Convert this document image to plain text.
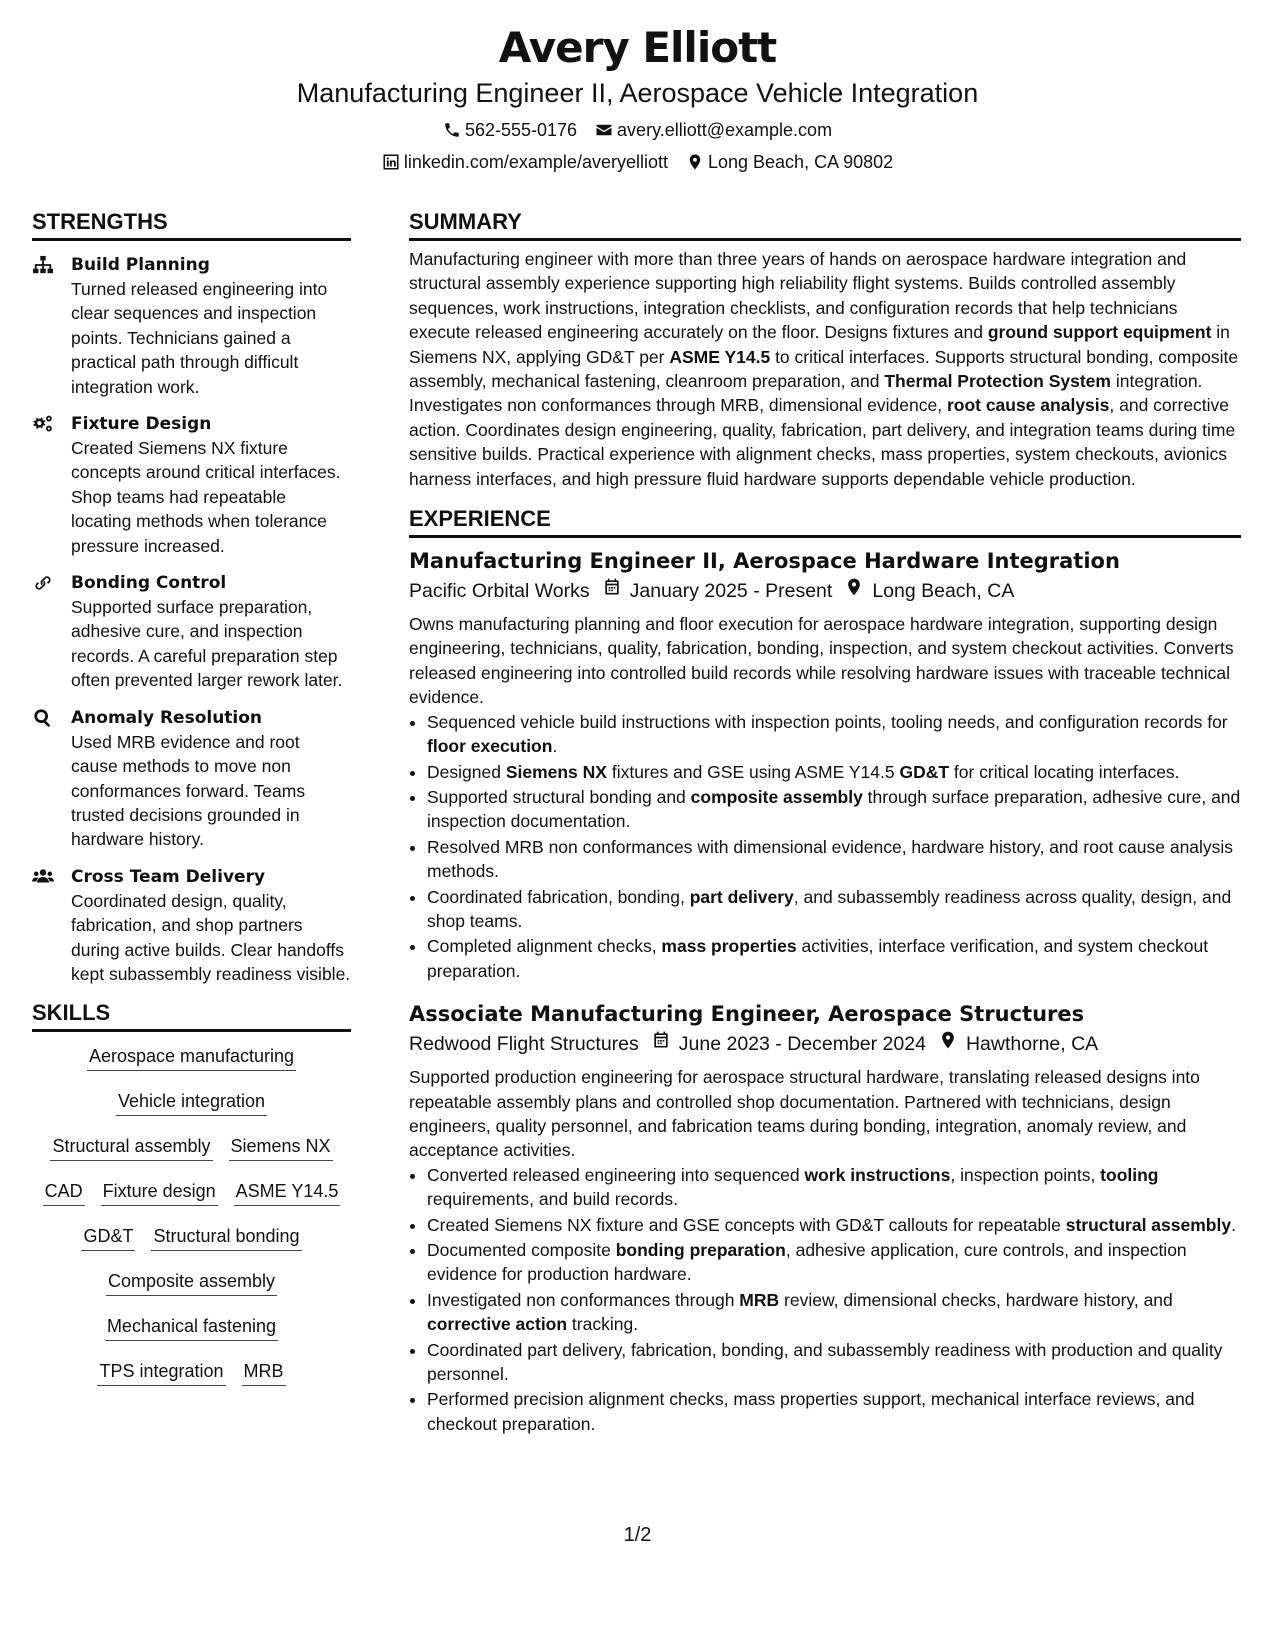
Avery Elliott
Manufacturing Engineer II, Aerospace Vehicle Integration
562-555-0176 avery.elliott@example.com
linkedin.com/example/averyelliott Long Beach, CA 90802
STRENGTHS
Build Planning
Turned released engineering into clear sequences and inspection points. Technicians gained a practical path through difficult integration work.
Fixture Design
Created Siemens NX fixture concepts around critical interfaces. Shop teams had repeatable locating methods when tolerance pressure increased.
Bonding Control
Supported surface preparation, adhesive cure, and inspection records. A careful preparation step often prevented larger rework later.
Anomaly Resolution
Used MRB evidence and root cause methods to move non conformances forward. Teams trusted decisions grounded in hardware history.
Cross Team Delivery
Coordinated design, quality, fabrication, and shop partners during active builds. Clear handoffs kept subassembly readiness visible.
SKILLS
Aerospace manufacturing
Vehicle integration
Structural assembly Siemens NX
CAD Fixture design ASME Y14.5
GD&T Structural bonding
Composite assembly
Mechanical fastening
TPS integration MRB
SUMMARY
Manufacturing engineer with more than three years of hands on aerospace hardware integration and structural assembly experience supporting high reliability flight systems. Builds controlled assembly sequences, work instructions, integration checklists, and configuration records that help technicians execute released engineering accurately on the floor. Designs fixtures and ground support equipment in Siemens NX, applying GD&T per ASME Y14.5 to critical interfaces. Supports structural bonding, composite assembly, mechanical fastening, cleanroom preparation, and Thermal Protection System integration. Investigates non conformances through MRB, dimensional evidence, root cause analysis, and corrective action. Coordinates design engineering, quality, fabrication, part delivery, and integration teams during time sensitive builds. Practical experience with alignment checks, mass properties, system checkouts, avionics harness interfaces, and high pressure fluid hardware supports dependable vehicle production.
EXPERIENCE
Manufacturing Engineer II, Aerospace Hardware Integration
Pacific Orbital Works January 2025 - Present Long Beach, CA
Owns manufacturing planning and floor execution for aerospace hardware integration, supporting design engineering, technicians, quality, fabrication, bonding, inspection, and system checkout activities. Converts released engineering into controlled build records while resolving hardware issues with traceable technical evidence.
• Sequenced vehicle build instructions with inspection points, tooling needs, and configuration records for floor execution.
• Designed Siemens NX fixtures and GSE using ASME Y14.5 GD&T for critical locating interfaces.
• Supported structural bonding and composite assembly through surface preparation, adhesive cure, and inspection documentation.
• Resolved MRB non conformances with dimensional evidence, hardware history, and root cause analysis methods.
• Coordinated fabrication, bonding, part delivery, and subassembly readiness across quality, design, and shop teams.
• Completed alignment checks, mass properties activities, interface verification, and system checkout preparation.
Associate Manufacturing Engineer, Aerospace Structures
Redwood Flight Structures June 2023 - December 2024 Hawthorne, CA
Supported production engineering for aerospace structural hardware, translating released designs into repeatable assembly plans and controlled shop documentation. Partnered with technicians, design engineers, quality personnel, and fabrication teams during bonding, integration, anomaly review, and acceptance activities.
• Converted released engineering into sequenced work instructions, inspection points, tooling requirements, and build records.
• Created Siemens NX fixture and GSE concepts with GD&T callouts for repeatable structural assembly.
• Documented composite bonding preparation, adhesive application, cure controls, and inspection evidence for production hardware.
• Investigated non conformances through MRB review, dimensional checks, hardware history, and corrective action tracking.
• Coordinated part delivery, fabrication, bonding, and subassembly readiness with production and quality personnel.
• Performed precision alignment checks, mass properties support, mechanical interface reviews, and checkout preparation.
1/2
